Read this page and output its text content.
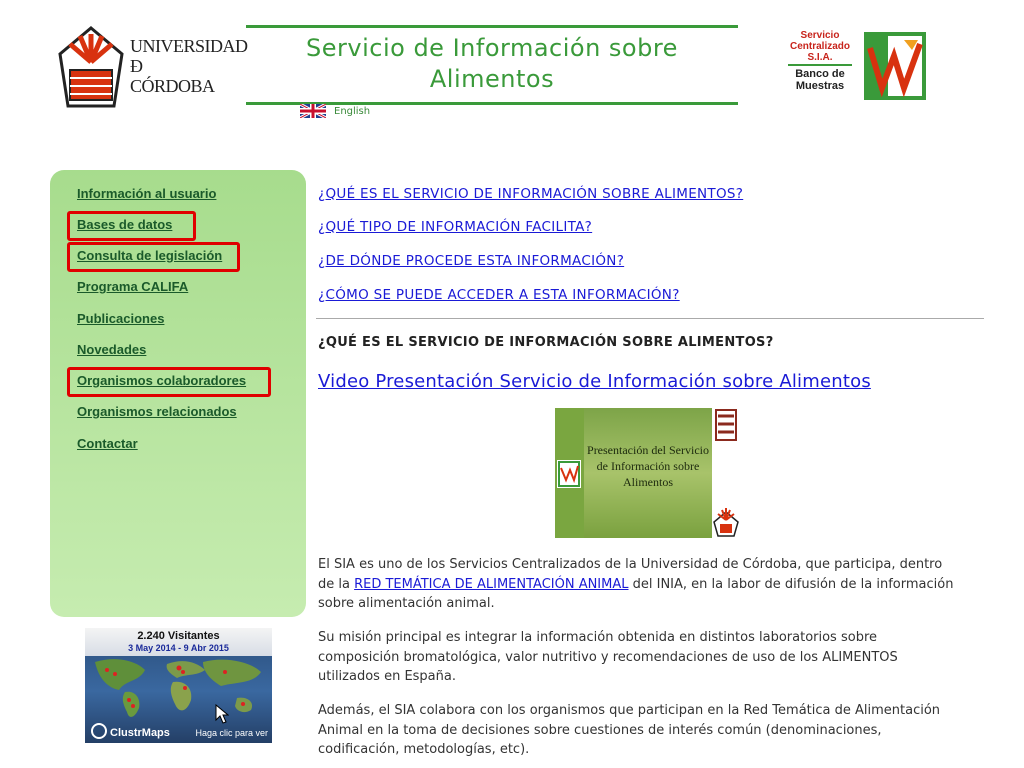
UNIVERSIDAD
Ð
CÓRDOBA
Servicio de Información sobre
Alimentos
English
Servicio
Centralizado
S.I.A.
Banco de
Muestras
Información al usuario
Bases de datos
Consulta de legislación
Programa CALIFA
Publicaciones
Novedades
Organismos colaboradores
Organismos relacionados
Contactar
2.240 Visitantes
3 May 2014 - 9 Abr 2015
ClustrMaps	Haga clic para ver
¿QUÉ ES EL SERVICIO DE INFORMACIÓN SOBRE ALIMENTOS?
¿QUÉ TIPO DE INFORMACIÓN FACILITA?
¿DE DÓNDE PROCEDE ESTA INFORMACIÓN?
¿CÓMO SE PUEDE ACCEDER A ESTA INFORMACIÓN?
¿QUÉ ES EL SERVICIO DE INFORMACIÓN SOBRE ALIMENTOS?
Video Presentación Servicio de Información sobre Alimentos
Presentación del Servicio de Información sobre Alimentos
El SIA es uno de los Servicios Centralizados de la Universidad de Córdoba, que participa, dentro de la RED TEMÁTICA DE ALIMENTACIÓN ANIMAL del INIA, en la labor de difusión de la información sobre alimentación animal.
Su misión principal es integrar la información obtenida en distintos laboratorios sobre composición bromatológica, valor nutritivo y recomendaciones de uso de los ALIMENTOS utilizados en España.
Además, el SIA colabora con los organismos que participan en la Red Temática de Alimentación Animal en la toma de decisiones sobre cuestiones de interés común (denominaciones, codificación, metodologías, etc).
